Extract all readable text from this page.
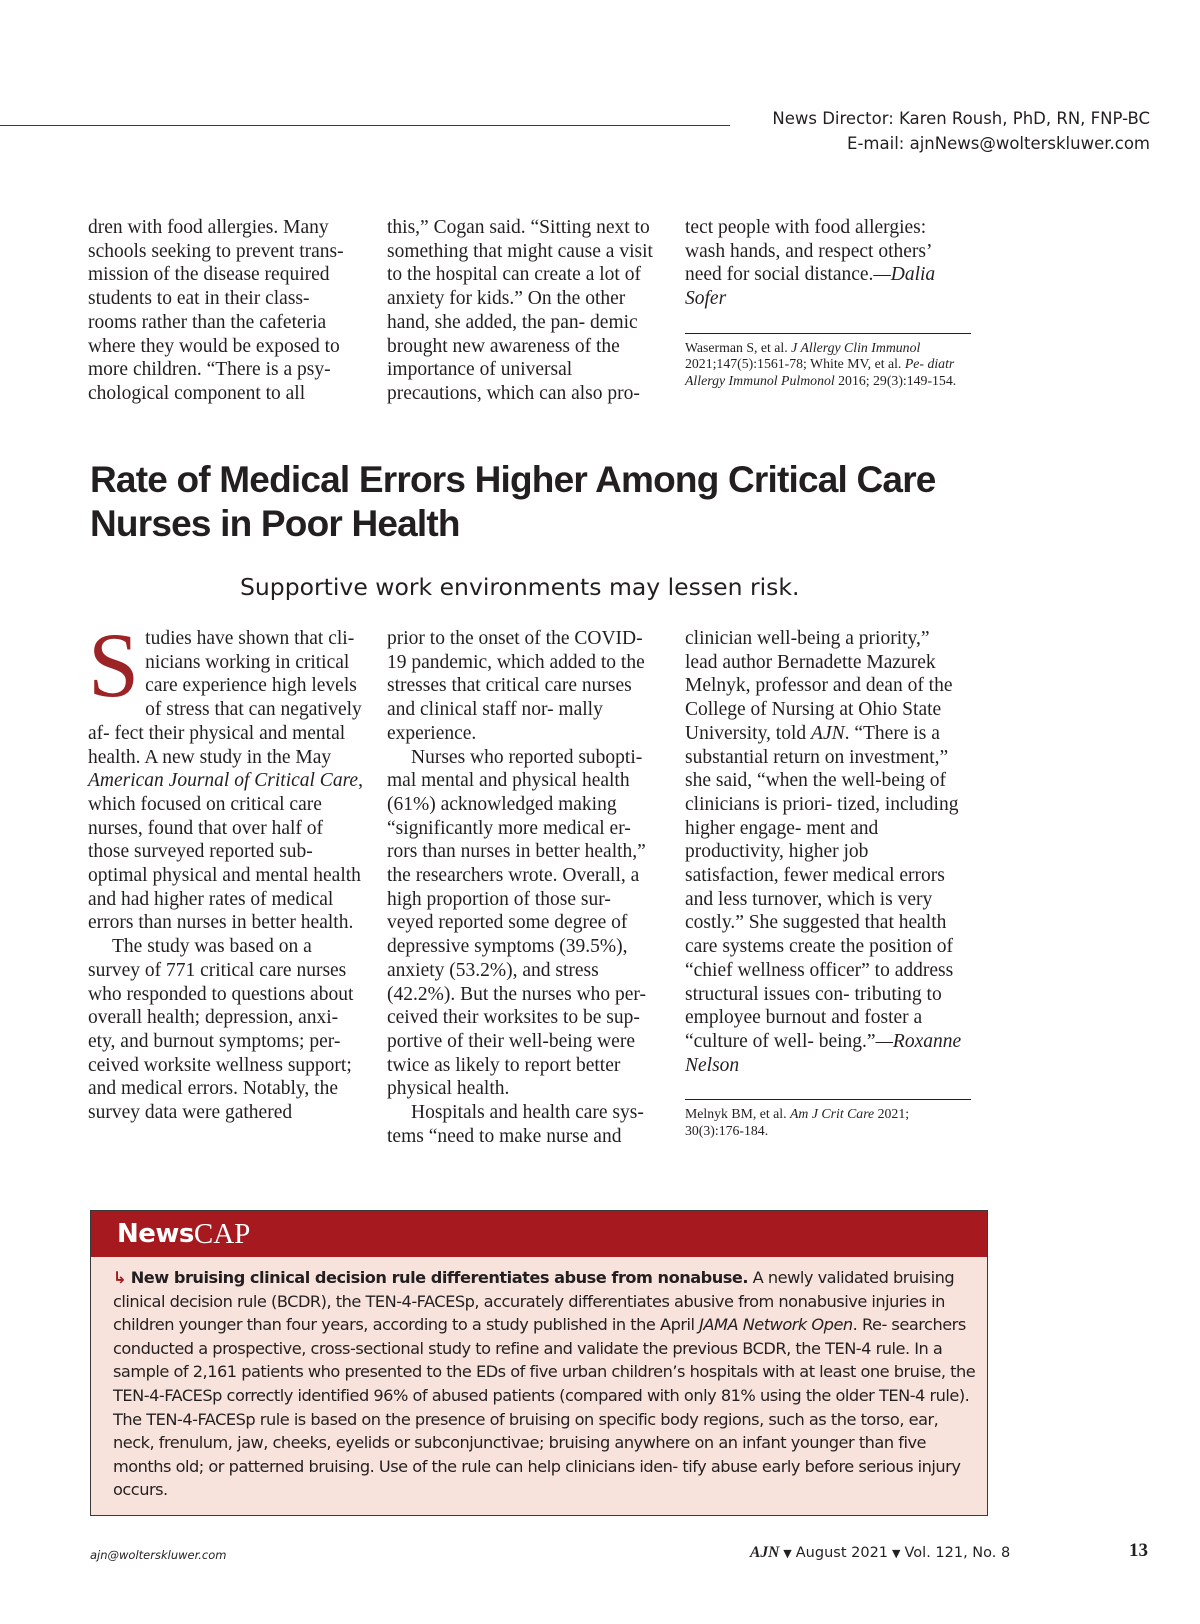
News Director: Karen Roush, PhD, RN, FNP-BC
E-mail: ajnNews@wolterskluwer.com

dren with food allergies. Many schools seeking to prevent trans- mission of the disease required students to eat in their class- rooms rather than the cafeteria where they would be exposed to more children. “There is a psy- chological component to all

this,” Cogan said. “Sitting next to something that might cause a visit to the hospital can create a lot of anxiety for kids.” On the other hand, she added, the pan- demic brought new awareness of the importance of universal precautions, which can also pro-

tect people with food allergies: wash hands, and respect others’ need for social distance.—Dalia Sofer

Waserman S, et al. J Allergy Clin Immunol 2021;147(5):1561-78; White MV, et al. Pe- diatr Allergy Immunol Pulmonol 2016; 29(3):149-154.

Rate of Medical Errors Higher Among Critical Care Nurses in Poor Health

Supportive work environments may lessen risk.

Studies have shown that cli- nicians working in critical care experience high levels of stress that can negatively af- fect their physical and mental health. A new study in the May American Journal of Critical Care, which focused on critical care nurses, found that over half of those surveyed reported sub- optimal physical and mental health and had higher rates of medical errors than nurses in better health.

The study was based on a survey of 771 critical care nurses who responded to questions about overall health; depression, anxi- ety, and burnout symptoms; per- ceived worksite wellness support; and medical errors. Notably, the survey data were gathered

prior to the onset of the COVID-19 pandemic, which added to the stresses that critical care nurses and clinical staff nor- mally experience.

Nurses who reported subopti- mal mental and physical health (61%) acknowledged making “significantly more medical er- rors than nurses in better health,” the researchers wrote. Overall, a high proportion of those sur- veyed reported some degree of depressive symptoms (39.5%), anxiety (53.2%), and stress (42.2%). But the nurses who per- ceived their worksites to be sup- portive of their well-being were twice as likely to report better physical health.

Hospitals and health care sys- tems “need to make nurse and

clinician well-being a priority,” lead author Bernadette Mazurek Melnyk, professor and dean of the College of Nursing at Ohio State University, told AJN. “There is a substantial return on investment,” she said, “when the well-being of clinicians is priori- tized, including higher engage- ment and productivity, higher job satisfaction, fewer medical errors and less turnover, which is very costly.” She suggested that health care systems create the position of “chief wellness officer” to address structural issues con- tributing to employee burnout and foster a “culture of well- being.”—Roxanne Nelson

Melnyk BM, et al. Am J Crit Care 2021; 30(3):176-184.

News CAP
↳ New bruising clinical decision rule differentiates abuse from nonabuse. A newly validated bruising clinical decision rule (BCDR), the TEN-4-FACESp, accurately differentiates abusive from nonabusive injuries in children younger than four years, according to a study published in the April JAMA Network Open. Re- searchers conducted a prospective, cross-sectional study to refine and validate the previous BCDR, the TEN-4 rule. In a sample of 2,161 patients who presented to the EDs of five urban children’s hospitals with at least one bruise, the TEN-4-FACESp correctly identified 96% of abused patients (compared with only 81% using the older TEN-4 rule). The TEN-4-FACESp rule is based on the presence of bruising on specific body regions, such as the torso, ear, neck, frenulum, jaw, cheeks, eyelids or subconjunctivae; bruising anywhere on an infant younger than five months old; or patterned bruising. Use of the rule can help clinicians iden- tify abuse early before serious injury occurs.
ajn@wolterskluwer.com	AJN ▼ August 2021 ▼ Vol. 121, No. 8	13
